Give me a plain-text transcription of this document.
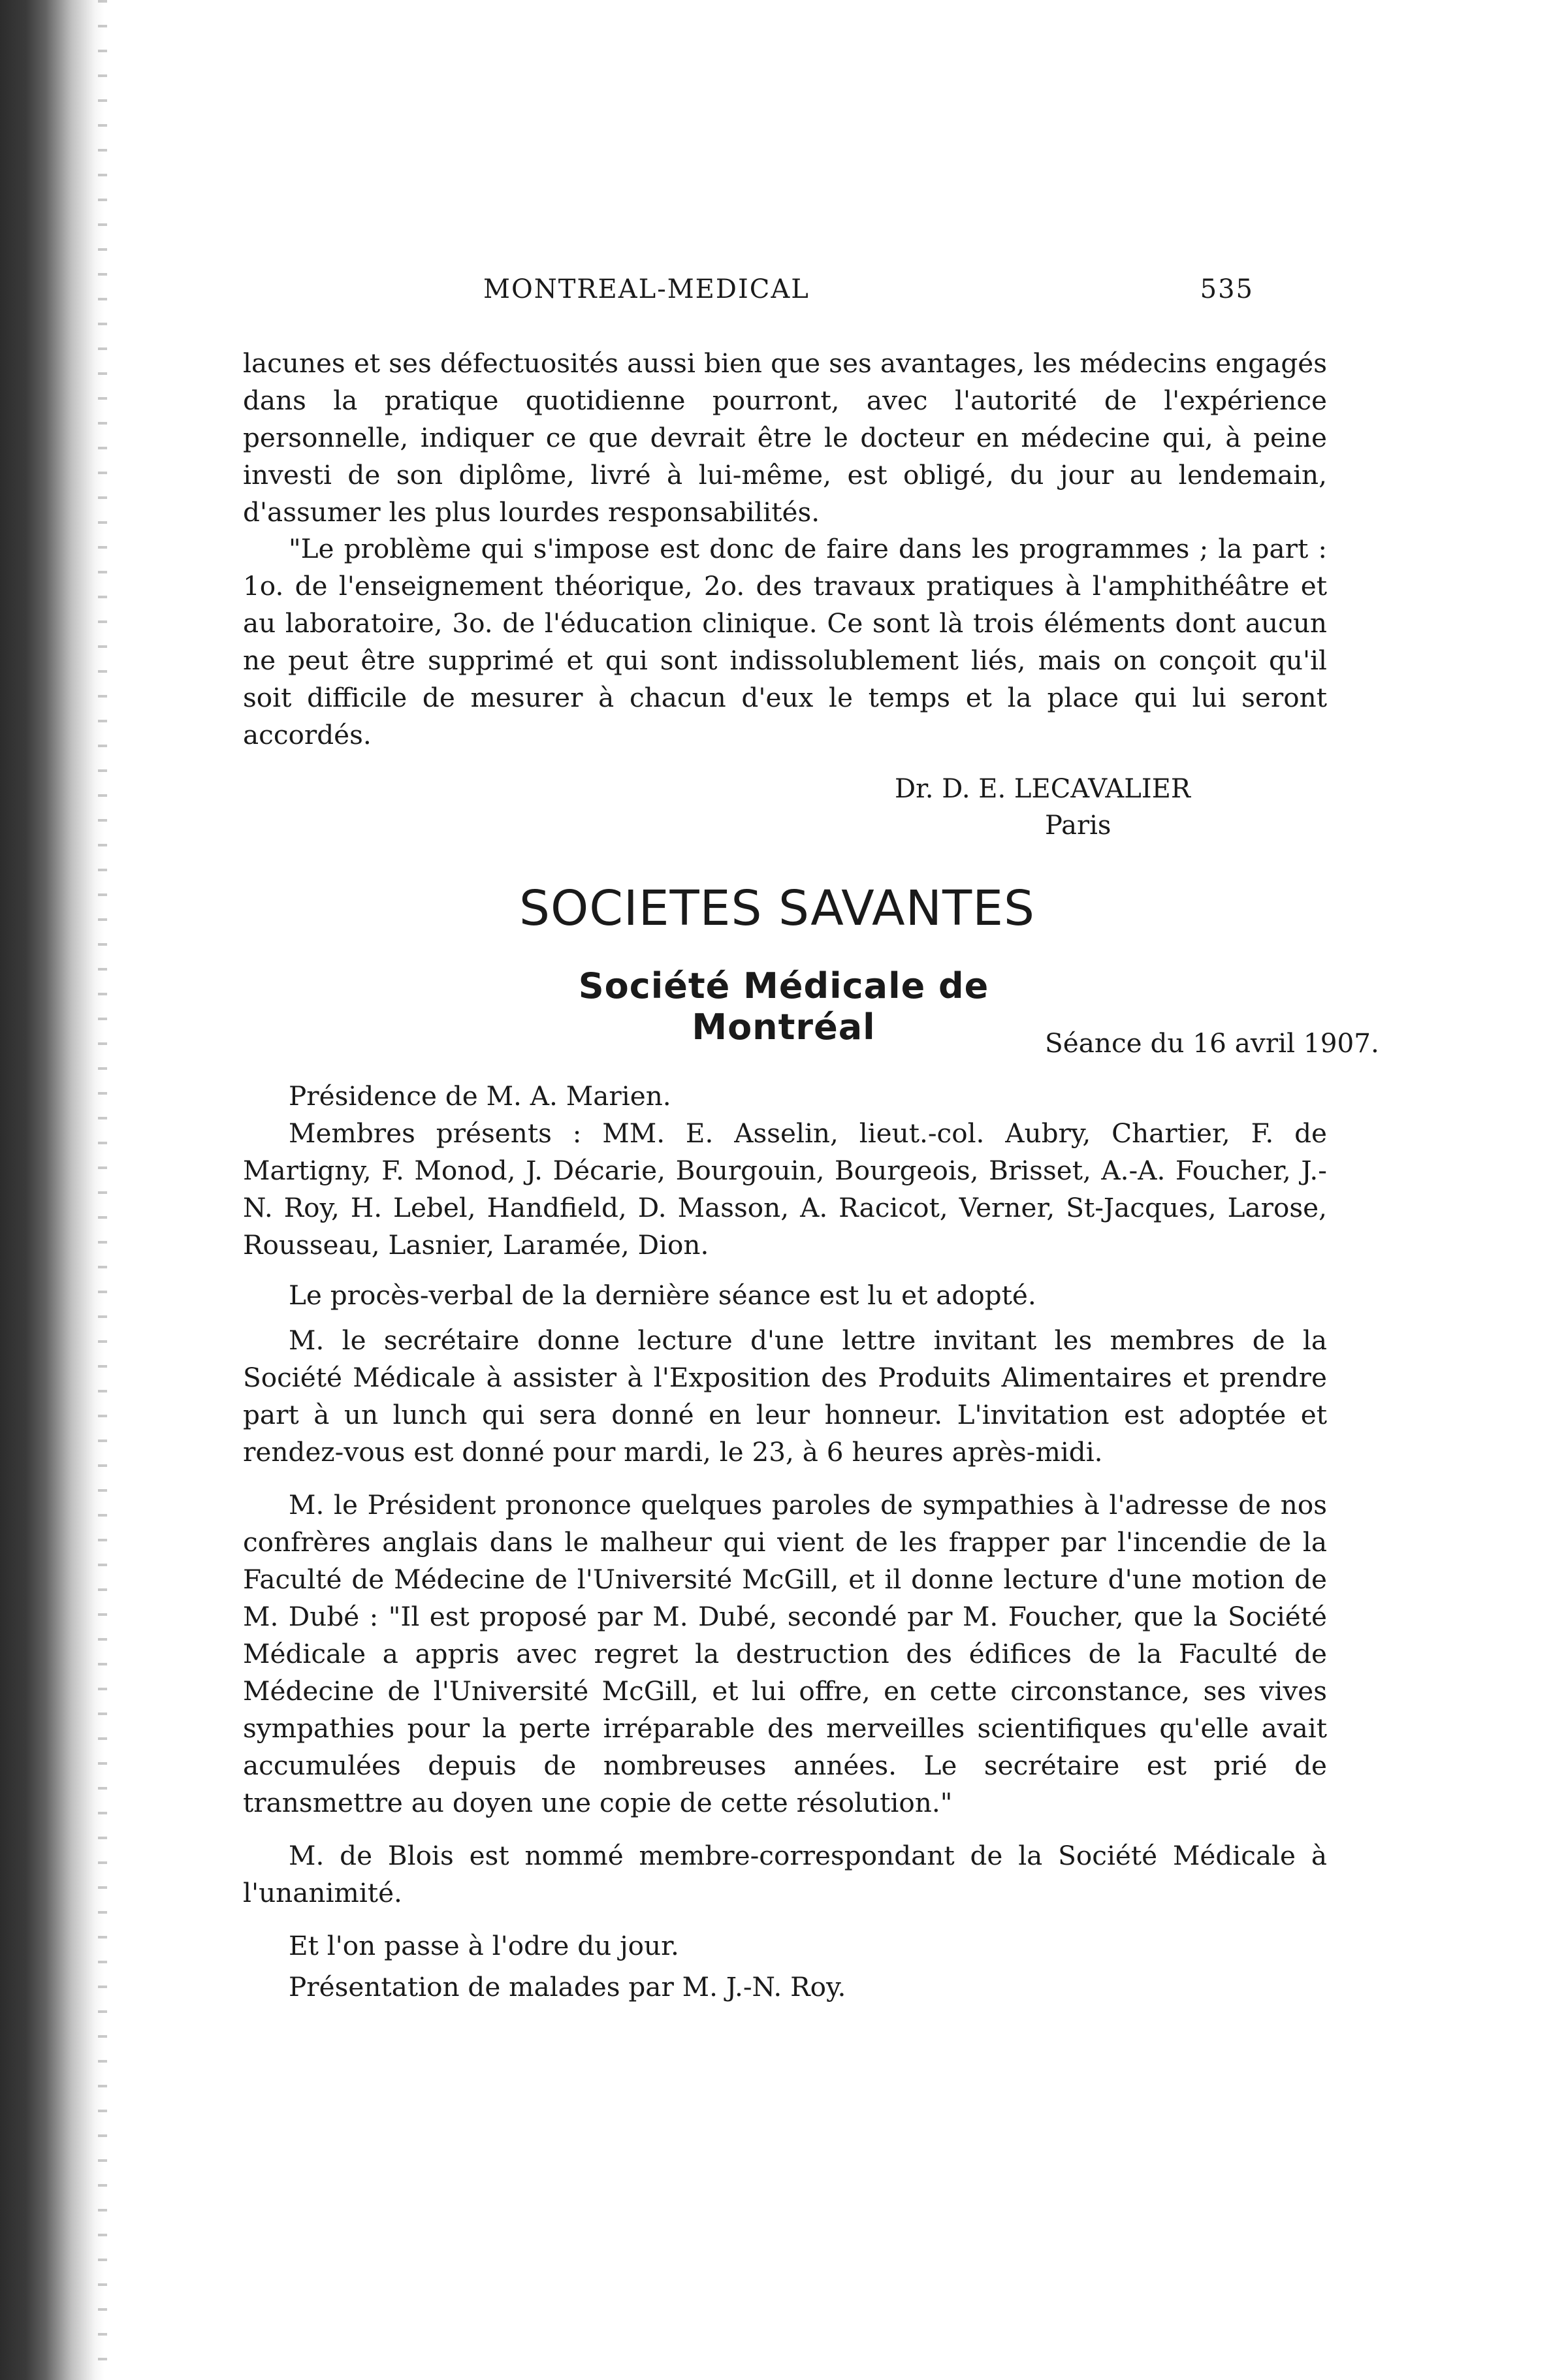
MONTREAL-MEDICAL	535

lacunes et ses défectuosités aussi bien que ses avantages, les médecins engagés dans la pratique quotidienne pourront, avec l'autorité de l'expérience personnelle, indiquer ce que devrait être le docteur en médecine qui, à peine investi de son diplôme, livré à lui-même, est obligé, du jour au lendemain, d'assumer les plus lourdes responsabilités.

"Le problème qui s'impose est donc de faire dans les programmes ; la part : 1o. de l'enseignement théorique, 2o. des travaux pratiques à l'amphithéâtre et au laboratoire, 3o. de l'éducation clinique. Ce sont là trois éléments dont aucun ne peut être supprimé et qui sont indissolublement liés, mais on conçoit qu'il soit difficile de mesurer à chacun d'eux le temps et la place qui lui seront accordés.

Dr. D. E. LECAVALIER
Paris
SOCIETES SAVANTES
Société Médicale de Montréal	Séance du 16 avril 1907.

Présidence de M. A. Marien.

Membres présents : MM. E. Asselin, lieut.-col. Aubry, Chartier, F. de Martigny, F. Monod, J. Décarie, Bourgouin, Bourgeois, Brisset, A.-A. Foucher, J.-N. Roy, H. Lebel, Handfield, D. Masson, A. Racicot, Verner, St-Jacques, Larose, Rousseau, Lasnier, Laramée, Dion.

Le procès-verbal de la dernière séance est lu et adopté.

M. le secrétaire donne lecture d'une lettre invitant les membres de la Société Médicale à assister à l'Exposition des Produits Alimentaires et prendre part à un lunch qui sera donné en leur honneur. L'invitation est adoptée et rendez-vous est donné pour mardi, le 23, à 6 heures après-midi.

M. le Président prononce quelques paroles de sympathies à l'adresse de nos confrères anglais dans le malheur qui vient de les frapper par l'incendie de la Faculté de Médecine de l'Université McGill, et il donne lecture d'une motion de M. Dubé : "Il est proposé par M. Dubé, secondé par M. Foucher, que la Société Médicale a appris avec regret la destruction des édifices de la Faculté de Médecine de l'Université McGill, et lui offre, en cette circonstance, ses vives sympathies pour la perte irréparable des merveilles scientifiques qu'elle avait accumulées depuis de nombreuses années. Le secrétaire est prié de transmettre au doyen une copie de cette résolution."

M. de Blois est nommé membre-correspondant de la Société Médicale à l'unanimité.

Et l'on passe à l'odre du jour.

Présentation de malades par M. J.-N. Roy.
